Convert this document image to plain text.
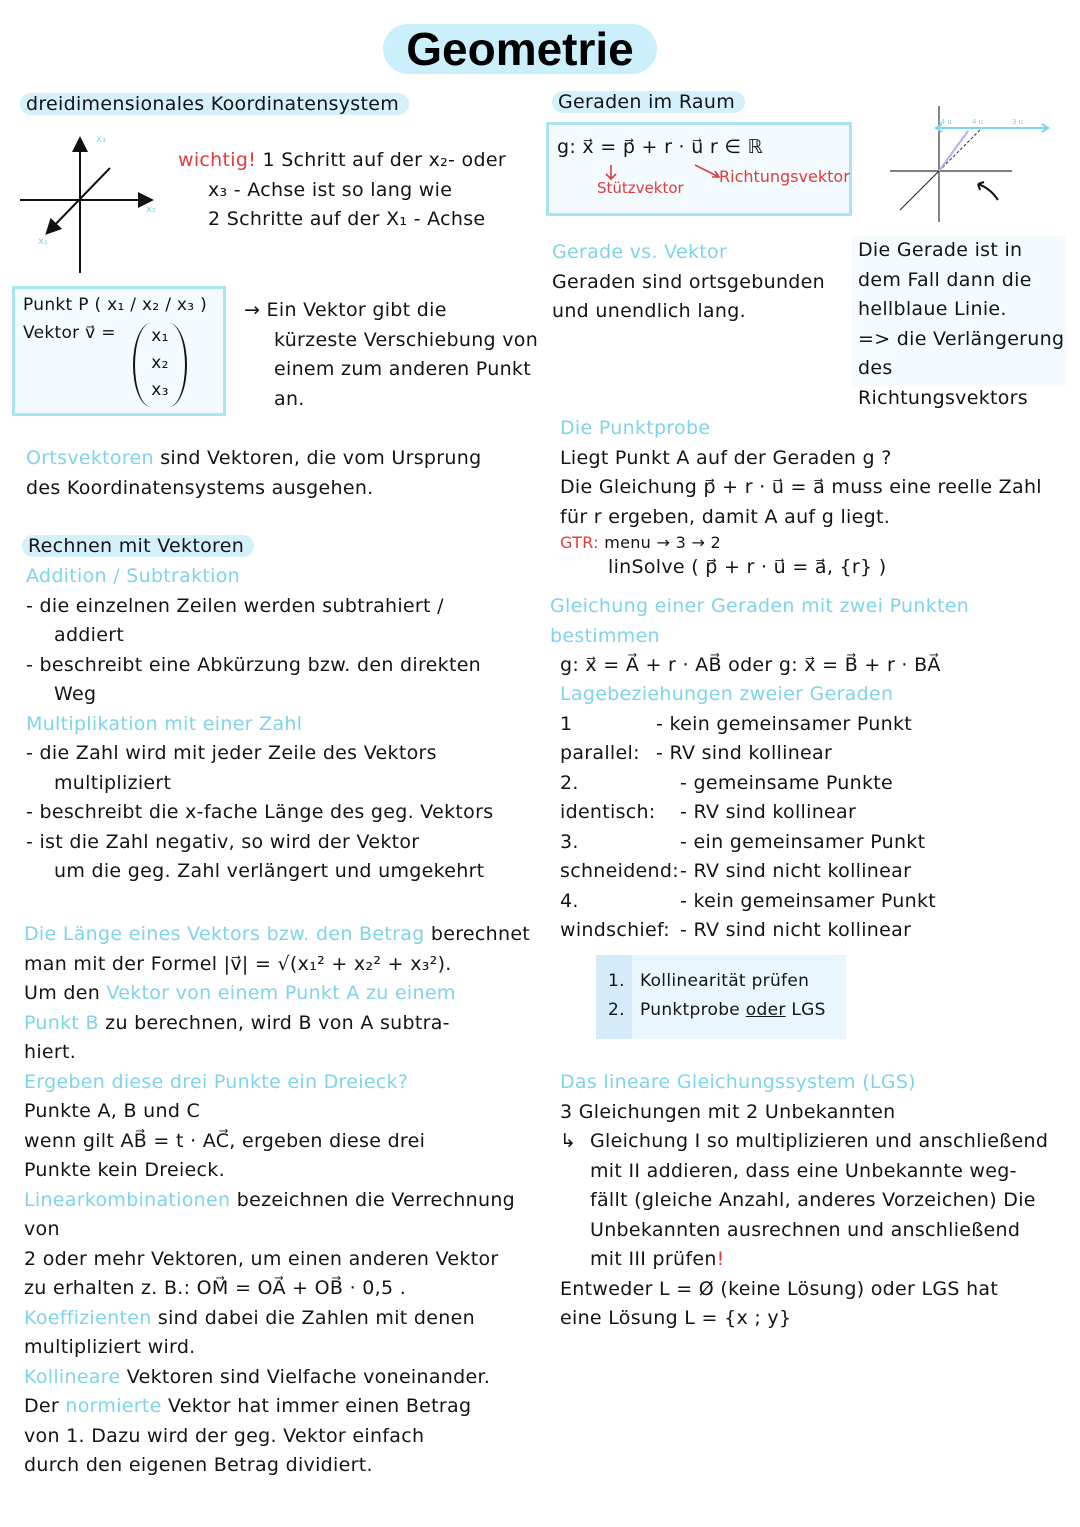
Geometrie
dreidimensionales Koordinatensystem
x₃
x₂
x₁
wichtig! 1 Schritt auf der x₂- oder
x₃ - Achse ist so lang wie
2 Schritte auf der X₁ - Achse
Punkt P ( x₁ / x₂ / x₃ )
Vektor v⃗ =	x₁
x₂
x₃
→ Ein Vektor gibt die
kürzeste Verschiebung von
einem zum anderen Punkt
an.
Ortsvektoren sind Vektoren, die vom Ursprung
des Koordinatensystems ausgehen.
Rechnen mit Vektoren
Addition / Subtraktion
- die einzelnen Zeilen werden subtrahiert /
addiert
- beschreibt eine Abkürzung bzw. den direkten
Weg
Multiplikation mit einer Zahl
- die Zahl wird mit jeder Zeile des Vektors
multipliziert
- beschreibt die x-fache Länge des geg. Vektors
- ist die Zahl negativ, so wird der Vektor
um die geg. Zahl verlängert und umgekehrt
Die Länge eines Vektors bzw. den Betrag berechnet
man mit der Formel |v⃗| = √(x₁² + x₂² + x₃²).
Um den Vektor von einem Punkt A zu einem
Punkt B zu berechnen, wird B von A subtra-
hiert.
Ergeben diese drei Punkte ein Dreieck?
Punkte A, B und C
wenn gilt AB⃗ = t · AC⃗, ergeben diese drei
Punkte kein Dreieck.
Linearkombinationen bezeichnen die Verrechnung von
2 oder mehr Vektoren, um einen anderen Vektor
zu erhalten z. B.: OM⃗ = OA⃗ + OB⃗ · 0,5 .
Koeffizienten sind dabei die Zahlen mit denen
multipliziert wird.
Kollineare Vektoren sind Vielfache voneinander.
Der normierte Vektor hat immer einen Betrag
von 1. Dazu wird der geg. Vektor einfach
durch den eigenen Betrag dividiert.
Geraden im Raum
g: x⃗ = p⃗ + r · u⃗ r ∈ ℝ
Stützvektor
Richtungsvektor
-4·u	4·u	3·u
Gerade vs. Vektor
Geraden sind ortsgebunden
und unendlich lang.
Die Gerade ist in
dem Fall dann die
hellblaue Linie.
=> die Verlängerung
des Richtungsvektors
Die Punktprobe
Liegt Punkt A auf der Geraden g ?
Die Gleichung p⃗ + r · u⃗ = a⃗ muss eine reelle Zahl
für r ergeben, damit A auf g liegt.
GTR: menu → 3 → 2
linSolve ( p⃗ + r · u⃗ = a⃗, {r} )
Gleichung einer Geraden mit zwei Punkten bestimmen
g: x⃗ = A⃗ + r · AB⃗ oder g: x⃗ = B⃗ + r · BA⃗
Lagebeziehungen zweier Geraden
1 parallel:
- kein gemeinsamer Punkt
- RV sind kollinear
2. identisch:
- gemeinsame Punkte
- RV sind kollinear
3. schneidend:
- ein gemeinsamer Punkt
- RV sind nicht kollinear
4. windschief:
- kein gemeinsamer Punkt
- RV sind nicht kollinear
1. Kollinearität prüfen
2. Punktprobe oder LGS
Das lineare Gleichungssystem (LGS)
3 Gleichungen mit 2 Unbekannten
↳ Gleichung I so multiplizieren und anschließend
mit II addieren, dass eine Unbekannte weg-
fällt (gleiche Anzahl, anderes Vorzeichen) Die
Unbekannten ausrechnen und anschließend
mit III prüfen!
Entweder L = Ø (keine Lösung) oder LGS hat
eine Lösung L = {x ; y}
